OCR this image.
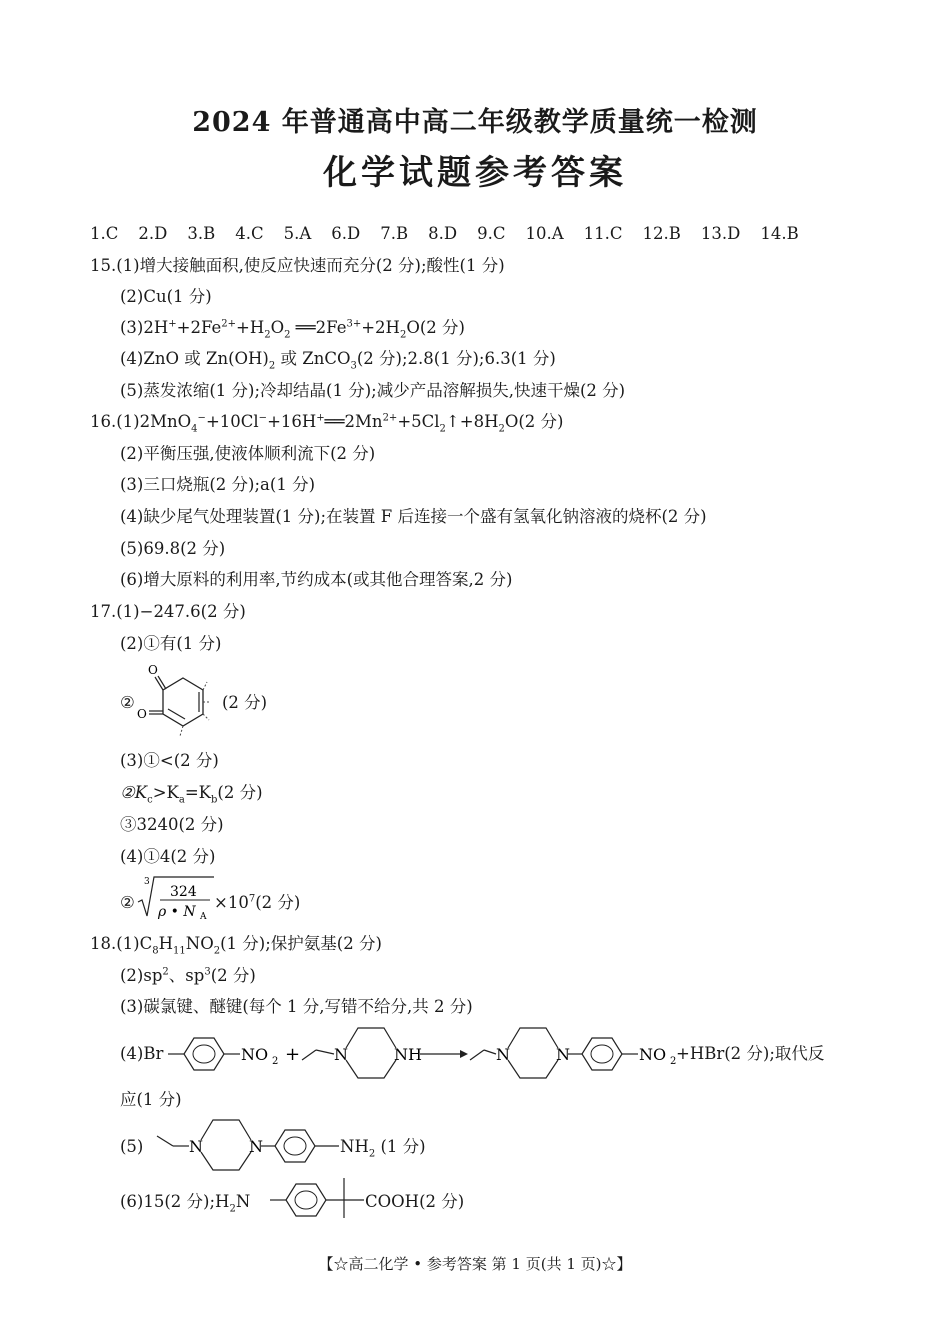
2024 年普通高中高二年级教学质量统一检测
化学试题参考答案
1.C 2.D 3.B 4.C 5.A 6.D 7.B 8.D 9.C 10.A 11.C 12.B 13.D 14.B
15.(1)增大接触面积,使反应快速而充分(2 分);酸性(1 分)
(2)Cu(1 分)
$(3)2H^++2Fe^{2+}+H_2O_2$ $══2Fe^{3+}+2H_2O(2$ 分)
(4)ZnO 或 $Zn(OH)_2$ 或 ZnCO$_3$(2 分);2.8(1 分);6.3(1 分)
(5)蒸发浓缩(1 分);冷却结晶(1 分);减少产品溶解损失,快速干燥(2 分)
$16.(1)2MnO_4^-+10Cl^-+16H^+══2Mn^{2+}+5Cl_2↑+8H_2O(2$ 分)
(2)平衡压强,使液体顺利流下(2 分)
(3)三口烧瓶(2 分);a(1 分)
(4)缺少尾气处理装置(1 分);在装置 F 后连接一个盛有氢氧化钠溶液的烧杯(2 分)
(5)69.8(2 分)
(6)增大原料的利用率,节约成本(或其他合理答案,2 分)
17.(1)−247.6(2 分)
(2)①有(1 分)
②
O
O
(2 分)
(3)①<(2 分)
$②K_c>K_a=K_b(2$ 分)
③3240(2 分)
(4)①4(2 分)
②
3
324
ρ • N A
$\times 10^7(2$ 分)
$18.(1)C_8H_{11}NO_2(1$ 分);保护氨基(2 分)
$(2)sp^2$、$sp^3(2$ 分)
(3)碳氯键、醚键(每个 1 分,写错不给分,共 2 分)
(4)Br	NO 2 + N	NH	N	N	NO 2 +HBr(2 分);取代反
应(1 分)
(5)	N	N	$NH_2$ (1 分)
(6)15(2 分)$;H_2N$	COOH(2 分)
【☆高二化学 • 参考答案 第 1 页(共 1 页)☆】
